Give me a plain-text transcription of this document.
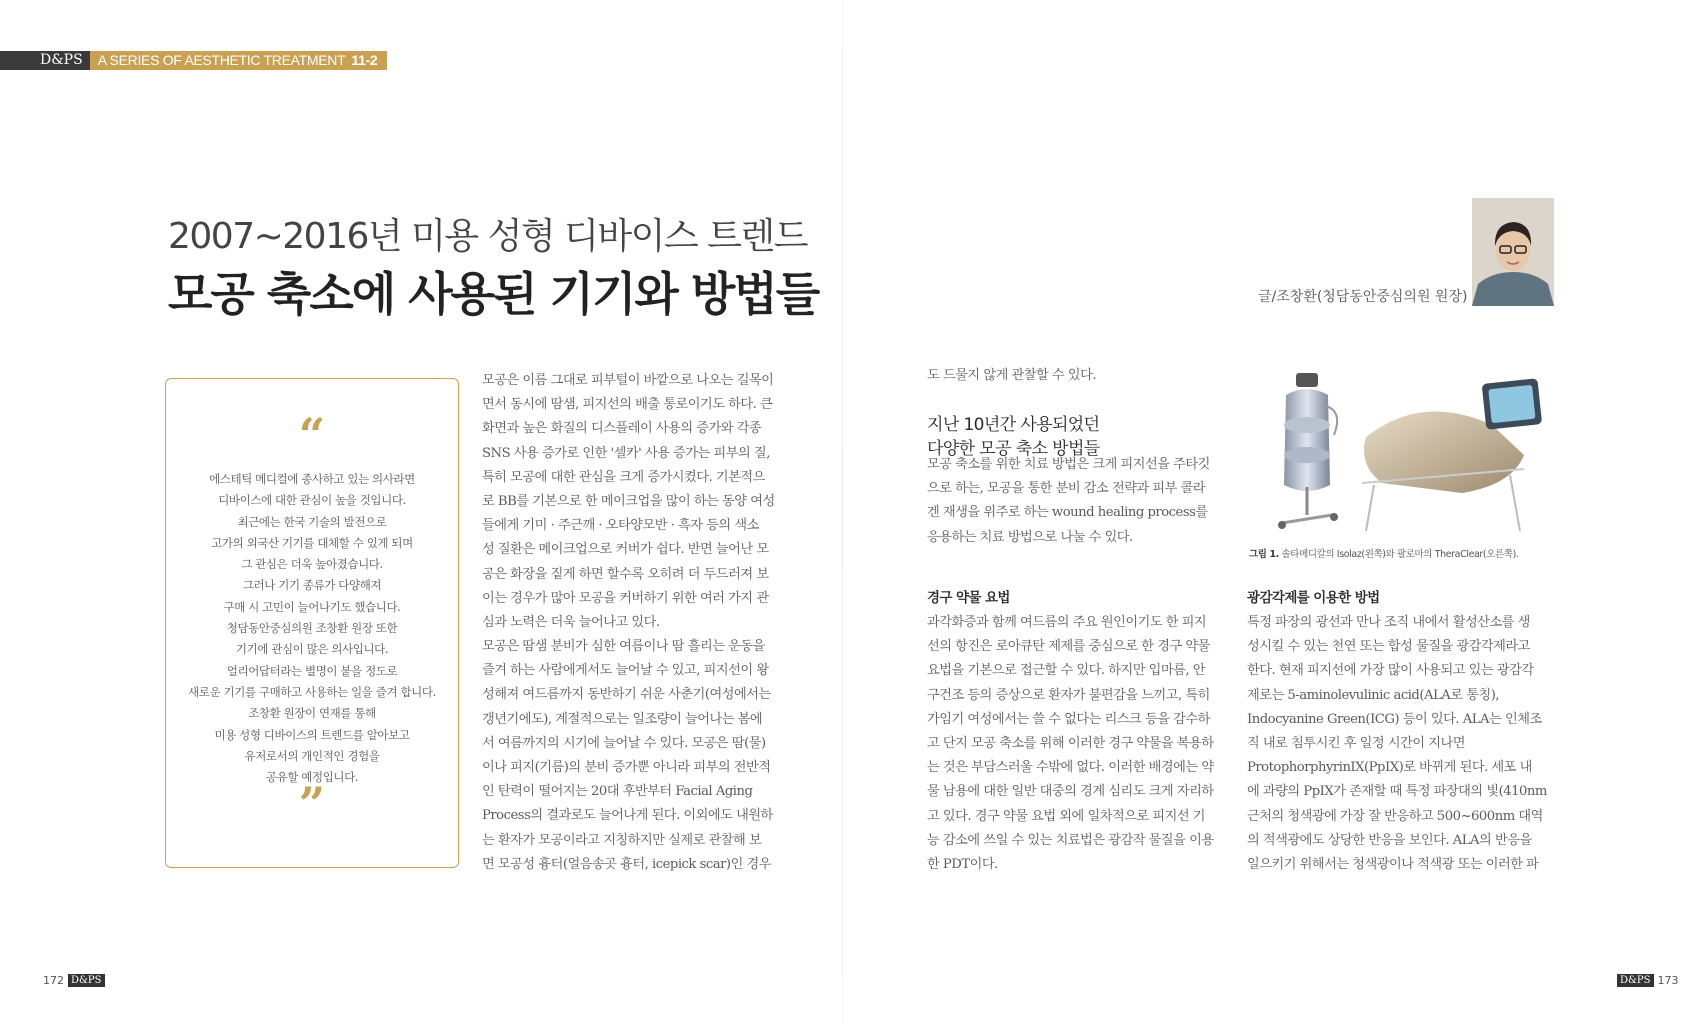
D&PS	A SERIES OF AESTHETIC TREATMENT 11-2
2007~2016년 미용 성형 디바이스 트렌드
모공 축소에 사용된 기기와 방법들	글/조창환(청담동안중심의원 원장)
“
에스테틱 메디컬에 종사하고 있는 의사라면
디바이스에 대한 관심이 높을 것입니다.
최근에는 한국 기술의 발전으로
고가의 외국산 기기를 대체할 수 있게 되며
그 관심은 더욱 높아졌습니다.
그러나 기기 종류가 다양해져
구매 시 고민이 늘어나기도 했습니다.
청담동안중심의원 조창환 원장 또한
기기에 관심이 많은 의사입니다.
얼리어답터라는 별명이 붙을 정도로
새로운 기기를 구매하고 사용하는 일을 즐겨 합니다.
조창환 원장이 연재를 통해
미용 성형 디바이스의 트렌드를 알아보고
유저로서의 개인적인 경험을
공유할 예정입니다.
”
모공은 이름 그대로 피부털이 바깥으로 나오는 길목이
면서 동시에 땀샘, 피지선의 배출 통로이기도 하다. 큰
화면과 높은 화질의 디스플레이 사용의 증가와 각종
SNS 사용 증가로 인한 '셀카' 사용 증가는 피부의 질,
특히 모공에 대한 관심을 크게 증가시켰다. 기본적으
로 BB를 기본으로 한 메이크업을 많이 하는 동양 여성
들에게 기미 · 주근깨 · 오타양모반 · 흑자 등의 색소
성 질환은 메이크업으로 커버가 쉽다. 반면 늘어난 모
공은 화장을 짙게 하면 할수록 오히려 더 두드러져 보
이는 경우가 많아 모공을 커버하기 위한 여러 가지 관
심과 노력은 더욱 늘어나고 있다.
모공은 땀샘 분비가 심한 여름이나 땀 흘리는 운동을
즐겨 하는 사람에게서도 늘어날 수 있고, 피지선이 왕
성해져 여드름까지 동반하기 쉬운 사춘기(여성에서는
갱년기에도), 계절적으로는 일조량이 늘어나는 봄에
서 여름까지의 시기에 늘어날 수 있다. 모공은 땀(물)
이나 피지(기름)의 분비 증가뿐 아니라 피부의 전반적
인 탄력이 떨어지는 20대 후반부터 Facial Aging
Process의 결과로도 늘어나게 된다. 이외에도 내원하
는 환자가 모공이라고 지칭하지만 실제로 관찰해 보
면 모공성 흉터(얼음송곳 흉터, icepick scar)인 경우
도 드물지 않게 관찰할 수 있다.
지난 10년간 사용되었던
다양한 모공 축소 방법들
모공 축소를 위한 치료 방법은 크게 피지선을 주타깃
으로 하는, 모공을 통한 분비 감소 전략과 피부 콜라
겐 재생을 위주로 하는 wound healing process를
응용하는 치료 방법으로 나눌 수 있다.
그림 1. 솔타메디칼의 Isolaz(왼쪽)와 팔로마의 TheraClear(오른쪽).
경구 약물 요법
과각화증과 함께 여드름의 주요 원인이기도 한 피지
선의 항진은 로아큐탄 제제를 중심으로 한 경구 약물
요법을 기본으로 접근할 수 있다. 하지만 입마름, 안
구건조 등의 증상으로 환자가 불편감을 느끼고, 특히
가임기 여성에서는 쓸 수 없다는 리스크 등을 감수하
고 단지 모공 축소를 위해 이러한 경구 약물을 복용하
는 것은 부담스러울 수밖에 없다. 이러한 배경에는 약
물 남용에 대한 일반 대중의 경계 심리도 크게 자리하
고 있다. 경구 약물 요법 외에 일차적으로 피지선 기
능 감소에 쓰일 수 있는 치료법은 광감작 물질을 이용
한 PDT이다.
광감각제를 이용한 방법
특정 파장의 광선과 만나 조직 내에서 활성산소를 생
성시킬 수 있는 천연 또는 합성 물질을 광감각제라고
한다. 현재 피지선에 가장 많이 사용되고 있는 광감각
제로는 5-aminolevulinic acid(ALA로 통칭),
Indocyanine Green(ICG) 등이 있다. ALA는 인체조
직 내로 침투시킨 후 일정 시간이 지나면
ProtophorphyrinIX(PpIX)로 바뀌게 된다. 세포 내
에 과량의 PpIX가 존재할 때 특정 파장대의 빛(410nm
근처의 청색광에 가장 잘 반응하고 500~600nm 대역
의 적색광에도 상당한 반응을 보인다. ALA의 반응을
일으키기 위해서는 청색광이나 적색광 또는 이러한 파
172 D&PS	D&PS 173
